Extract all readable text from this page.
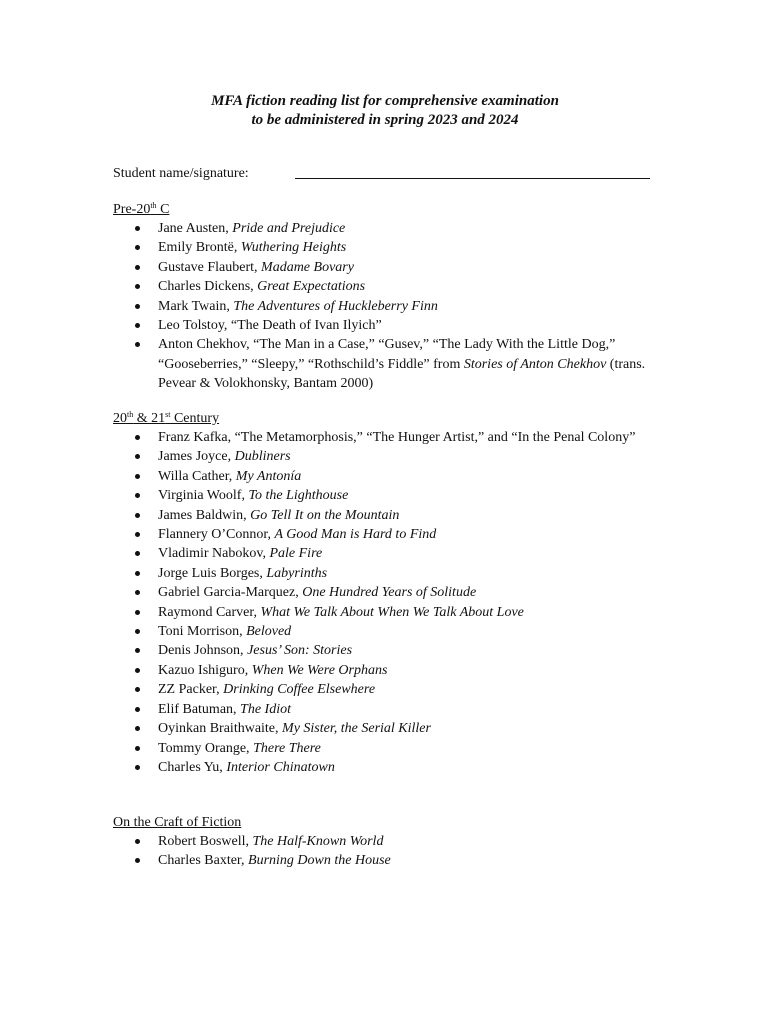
MFA fiction reading list for comprehensive examination
to be administered in spring 2023 and 2024
Student name/signature:
Pre-20th C
Jane Austen, Pride and Prejudice
Emily Brontë, Wuthering Heights
Gustave Flaubert, Madame Bovary
Charles Dickens, Great Expectations
Mark Twain, The Adventures of Huckleberry Finn
Leo Tolstoy, “The Death of Ivan Ilyich”
Anton Chekhov, “The Man in a Case,” “Gusev,” “The Lady With the Little Dog,” “Gooseberries,” “Sleepy,” “Rothschild’s Fiddle” from Stories of Anton Chekhov (trans. Pevear & Volokhonsky, Bantam 2000)
20th & 21st Century
Franz Kafka, “The Metamorphosis,” “The Hunger Artist,” and “In the Penal Colony”
James Joyce, Dubliners
Willa Cather, My Antonía
Virginia Woolf, To the Lighthouse
James Baldwin, Go Tell It on the Mountain
Flannery O’Connor, A Good Man is Hard to Find
Vladimir Nabokov, Pale Fire
Jorge Luis Borges, Labyrinths
Gabriel Garcia-Marquez, One Hundred Years of Solitude
Raymond Carver, What We Talk About When We Talk About Love
Toni Morrison, Beloved
Denis Johnson, Jesus’ Son: Stories
Kazuo Ishiguro, When We Were Orphans
ZZ Packer, Drinking Coffee Elsewhere
Elif Batuman, The Idiot
Oyinkan Braithwaite, My Sister, the Serial Killer
Tommy Orange, There There
Charles Yu, Interior Chinatown
On the Craft of Fiction
Robert Boswell, The Half-Known World
Charles Baxter, Burning Down the House
